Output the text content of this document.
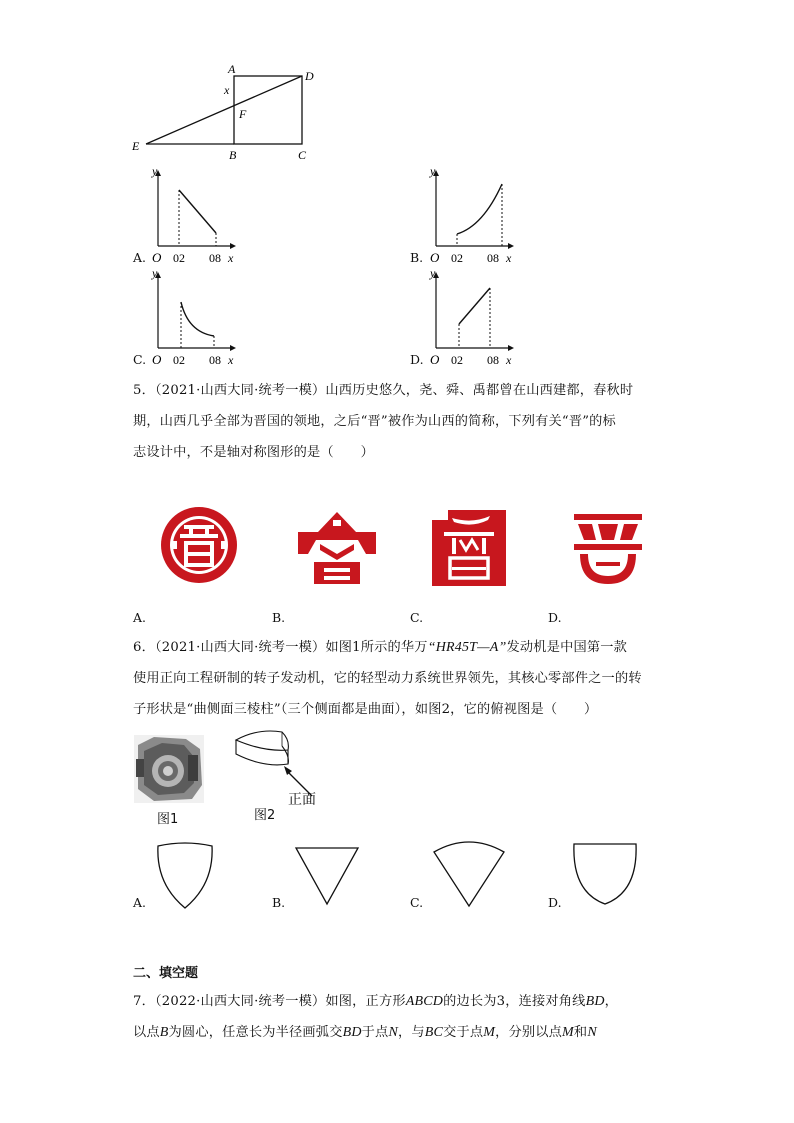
A	D
x
F
E
B	C
A.
y
O 02 08 x	B.
y
O 02 08 x
C.
y
O 02 08 x	D.
y
O 02 08 x
5．（2021·山西大同·统考一模）山西历史悠久，尧、舜、禹都曾在山西建都，春秋时
期，山西几乎全部为晋国的领地，之后“晋”被作为山西的简称，下列有关“晋”的标
志设计中，不是轴对称图形的是（　　）
A.	B.	C.	D.
6．（2021·山西大同·统考一模）如图1所示的华万“HR45T—A”发动机是中国第一款
使用正向工程研制的转子发动机，它的轻型动力系统世界领先，其核心零部件之一的转
子形状是“曲侧面三棱柱”（三个侧面都是曲面），如图2，它的俯视图是（　　）
图1
正面
图2
A.	B.	C.	D.
二、填空题
7．（2022·山西大同·统考一模）如图，正方形ABCD的边长为3，连接对角线BD，
以点B为圆心，任意长为半径画弧交BD于点N，与BC交于点M，分别以点M和N
